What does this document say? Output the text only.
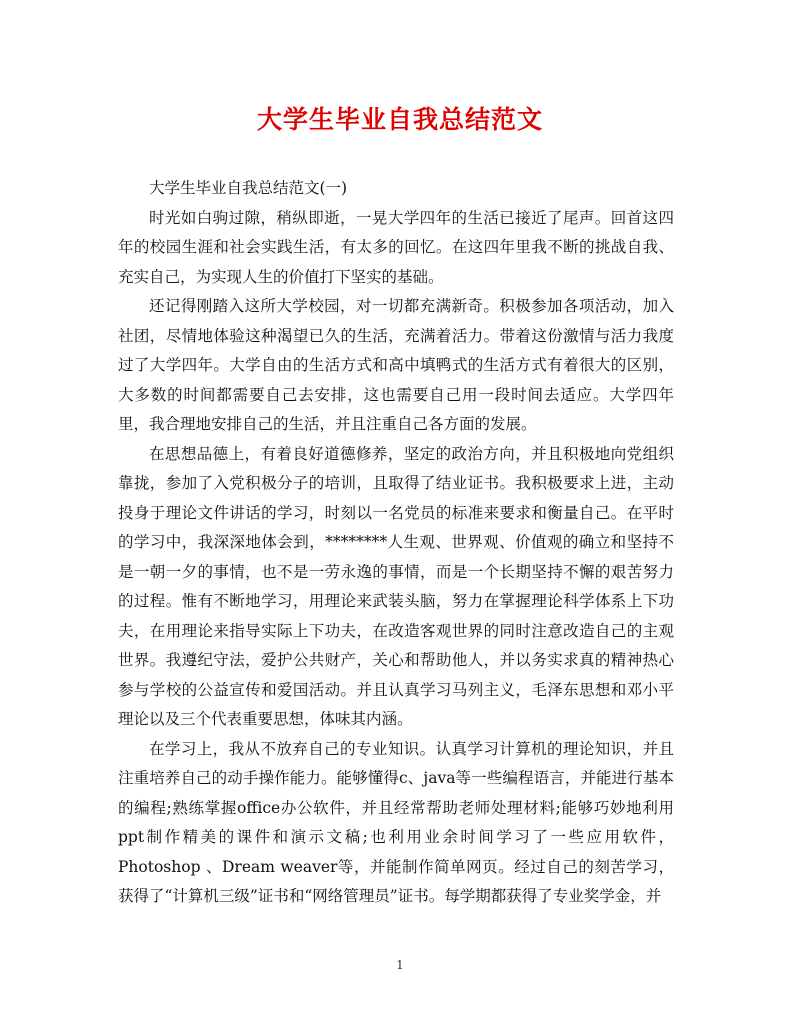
大学生毕业自我总结范文

大学生毕业自我总结范文(一)

时光如白驹过隙，稍纵即逝，一晃大学四年的生活已接近了尾声。回首这四年的校园生涯和社会实践生活，有太多的回忆。在这四年里我不断的挑战自我、充实自己，为实现人生的价值打下坚实的基础。

还记得刚踏入这所大学校园，对一切都充满新奇。积极参加各项活动，加入社团，尽情地体验这种渴望已久的生活，充满着活力。带着这份激情与活力我度过了大学四年。大学自由的生活方式和高中填鸭式的生活方式有着很大的区别，大多数的时间都需要自己去安排，这也需要自己用一段时间去适应。大学四年里，我合理地安排自己的生活，并且注重自己各方面的发展。

在思想品德上，有着良好道德修养，坚定的政治方向，并且积极地向党组织靠拢，参加了入党积极分子的培训，且取得了结业证书。我积极要求上进，主动投身于理论文件讲话的学习，时刻以一名党员的标准来要求和衡量自己。在平时的学习中，我深深地体会到，********人生观、世界观、价值观的确立和坚持不是一朝一夕的事情，也不是一劳永逸的事情，而是一个长期坚持不懈的艰苦努力的过程。惟有不断地学习，用理论来武装头脑，努力在掌握理论科学体系上下功夫，在用理论来指导实际上下功夫，在改造客观世界的同时注意改造自己的主观世界。我遵纪守法，爱护公共财产，关心和帮助他人，并以务实求真的精神热心参与学校的公益宣传和爱国活动。并且认真学习马列主义，毛泽东思想和邓小平理论以及三个代表重要思想，体味其内涵。

在学习上，我从不放弃自己的专业知识。认真学习计算机的理论知识，并且注重培养自己的动手操作能力。能够懂得c、java等一些编程语言，并能进行基本的编程;熟练掌握office办公软件，并且经常帮助老师处理材料;能够巧妙地利用ppt制作精美的课件和演示文稿;也利用业余时间学习了一些应用软件，Photoshop 、Dream weaver等，并能制作简单网页。经过自己的刻苦学习，获得了“计算机三级”证书和“网络管理员”证书。每学期都获得了专业奖学金，并

1
